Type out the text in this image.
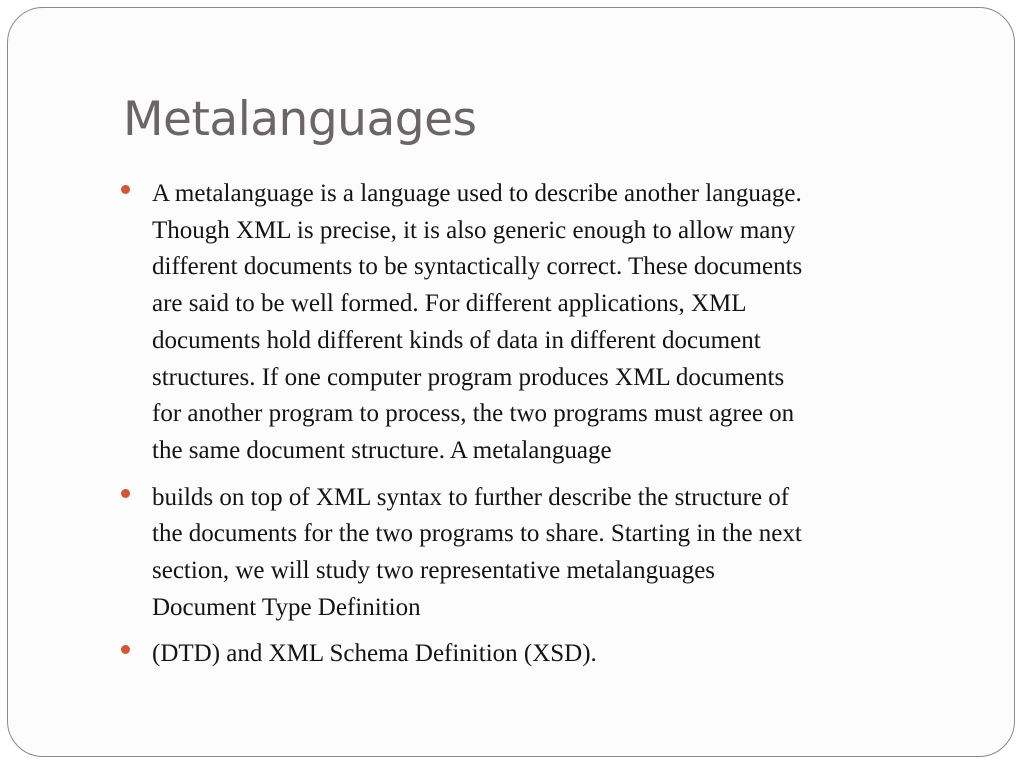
Metalanguages
A metalanguage is a language used to describe another language.
Though XML is precise, it is also generic enough to allow many
different documents to be syntactically correct. These documents
are said to be well formed. For different applications, XML
documents hold different kinds of data in different document
structures. If one computer program produces XML documents
for another program to process, the two programs must agree on
the same document structure. A metalanguage
builds on top of XML syntax to further describe the structure of
the documents for the two programs to share. Starting in the next
section, we will study two representative metalanguages
Document Type Definition
(DTD) and XML Schema Definition (XSD).
